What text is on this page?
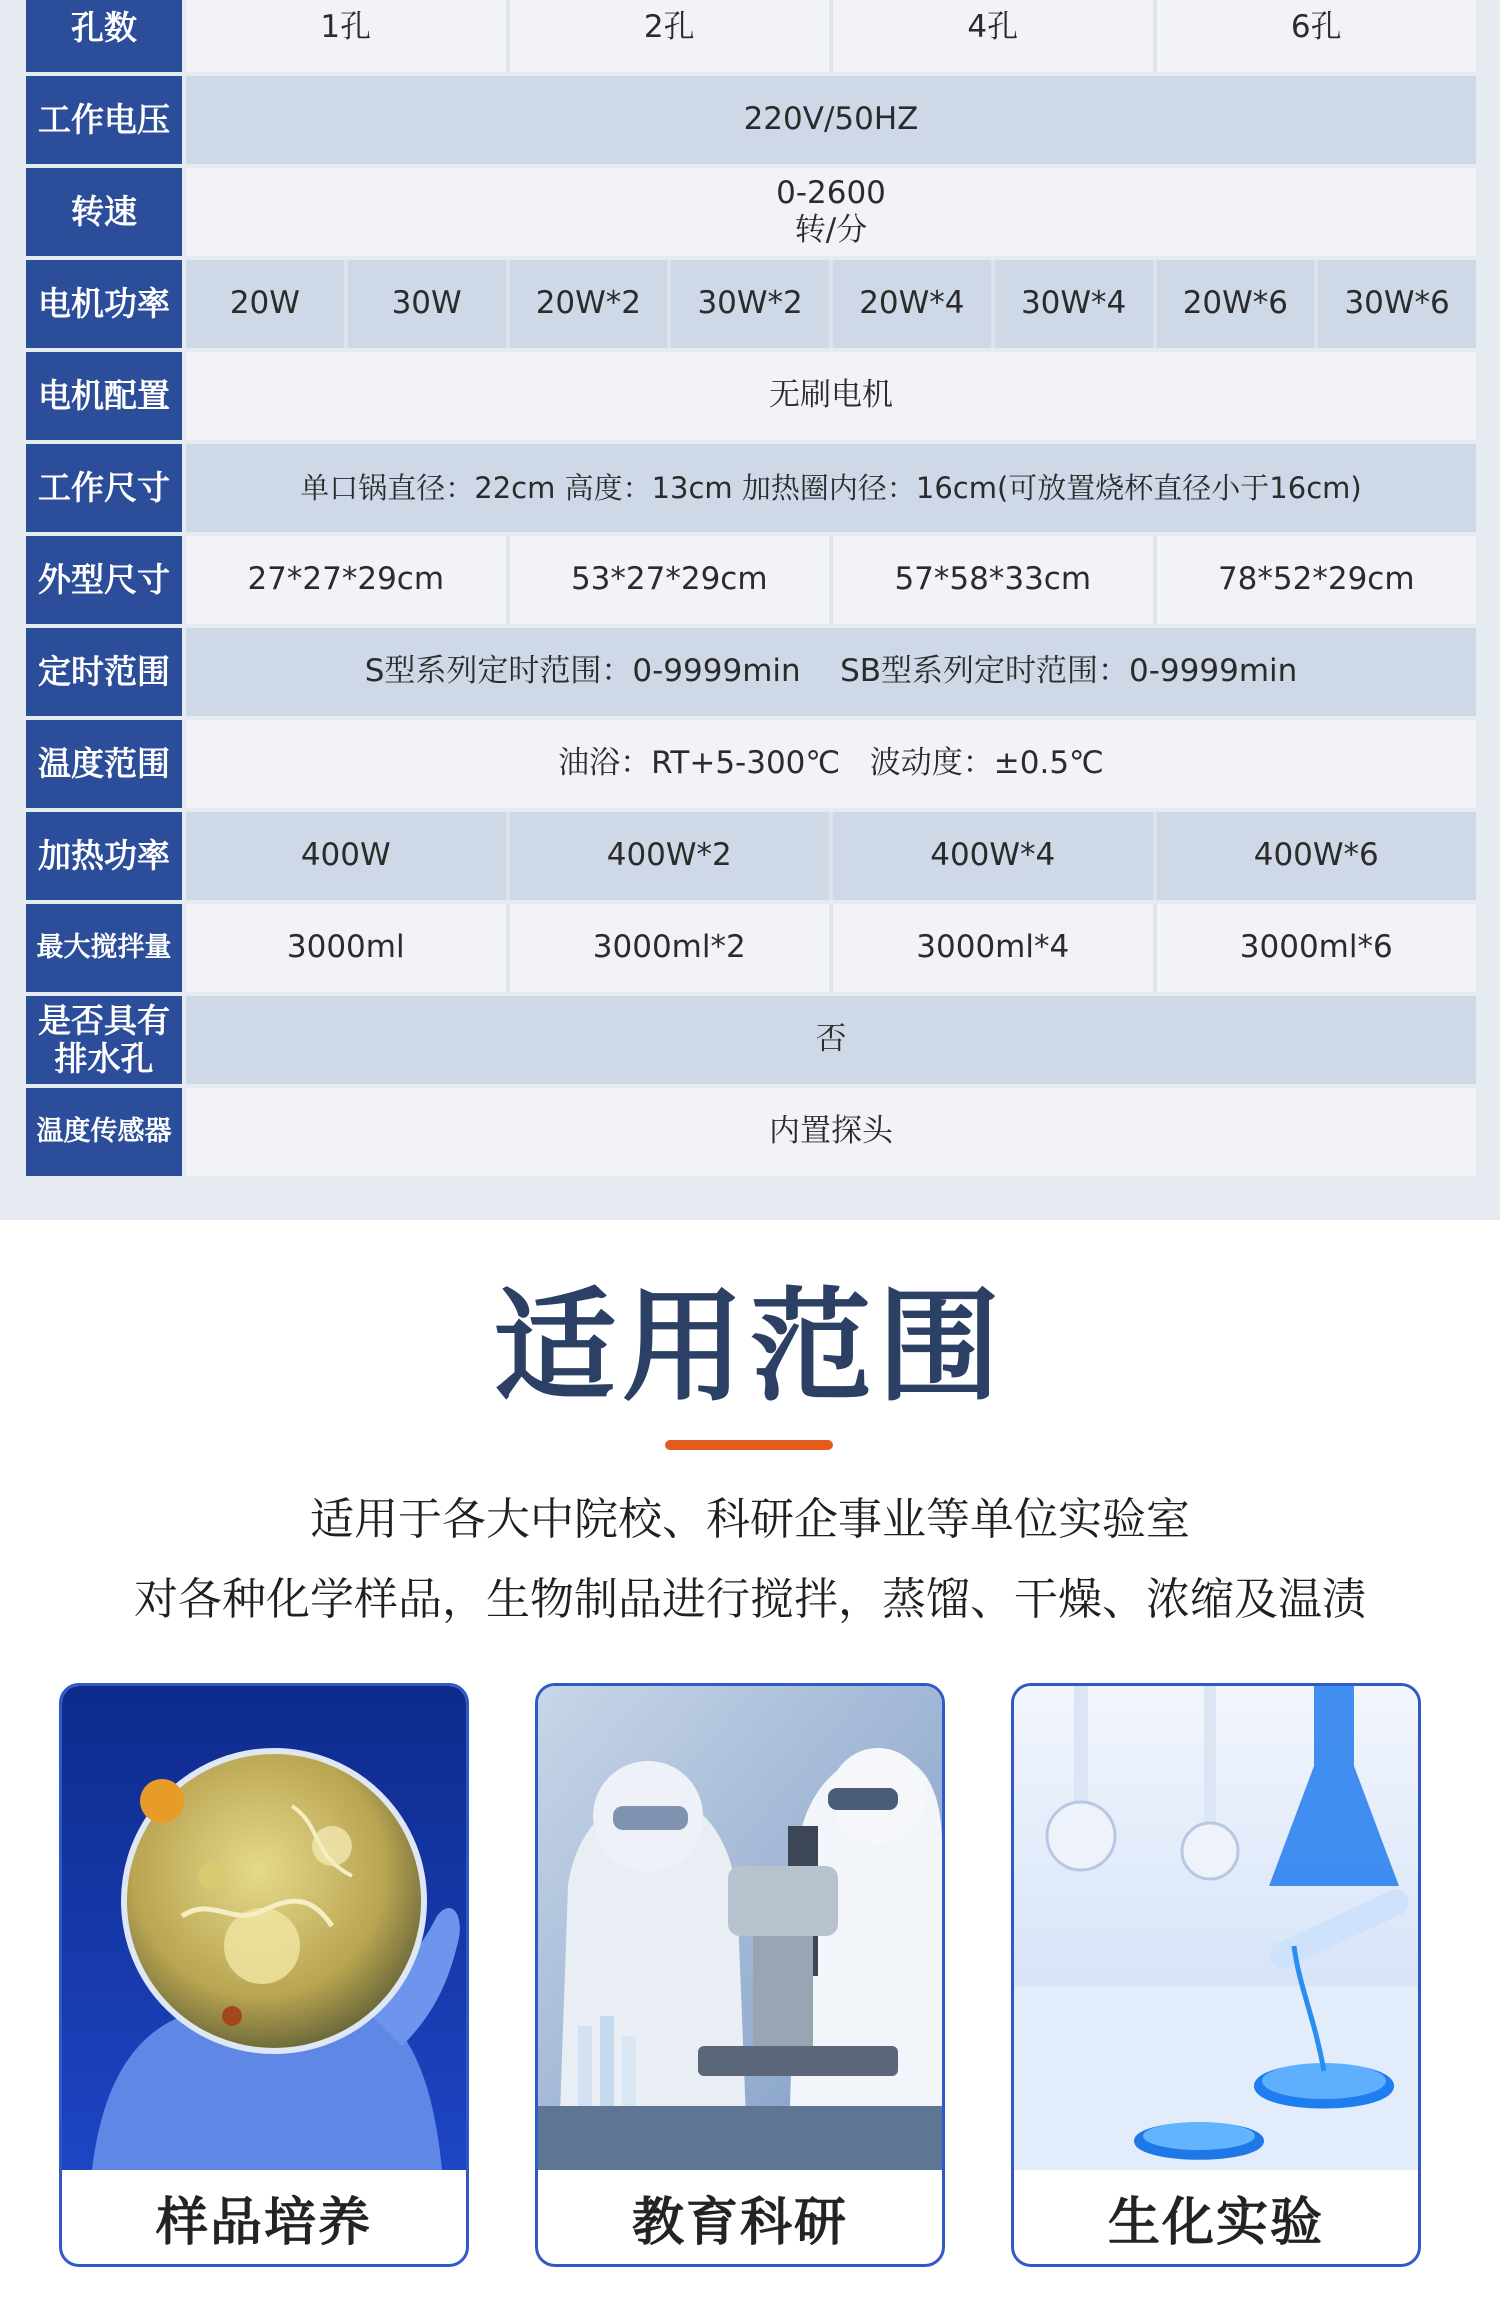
孔数	1孔	2孔	4孔	6孔
工作电压	220V/50HZ
转速	0-2600
转/分
电机功率	20W	30W	20W*2	30W*2	20W*4	30W*4	20W*6	30W*6
电机配置	无刷电机
工作尺寸	单口锅直径：22cm 高度：13cm 加热圈内径：16cm(可放置烧杯直径小于16cm)
外型尺寸	27*27*29cm	53*27*29cm	57*58*33cm	78*52*29cm
定时范围	S型系列定时范围：0-9999min    SB型系列定时范围：0-9999min
温度范围	油浴：RT+5-300℃   波动度：±0.5℃
加热功率	400W	400W*2	400W*4	400W*6
最大搅拌量	3000ml	3000ml*2	3000ml*4	3000ml*6
是否具有
排水孔	否
温度传感器	内置探头
适用范围
适用于各大中院校、科研企事业等单位实验室
对各种化学样品，生物制品进行搅拌，蒸馏、干燥、浓缩及温渍
样品培养	教育科研	生化实验
